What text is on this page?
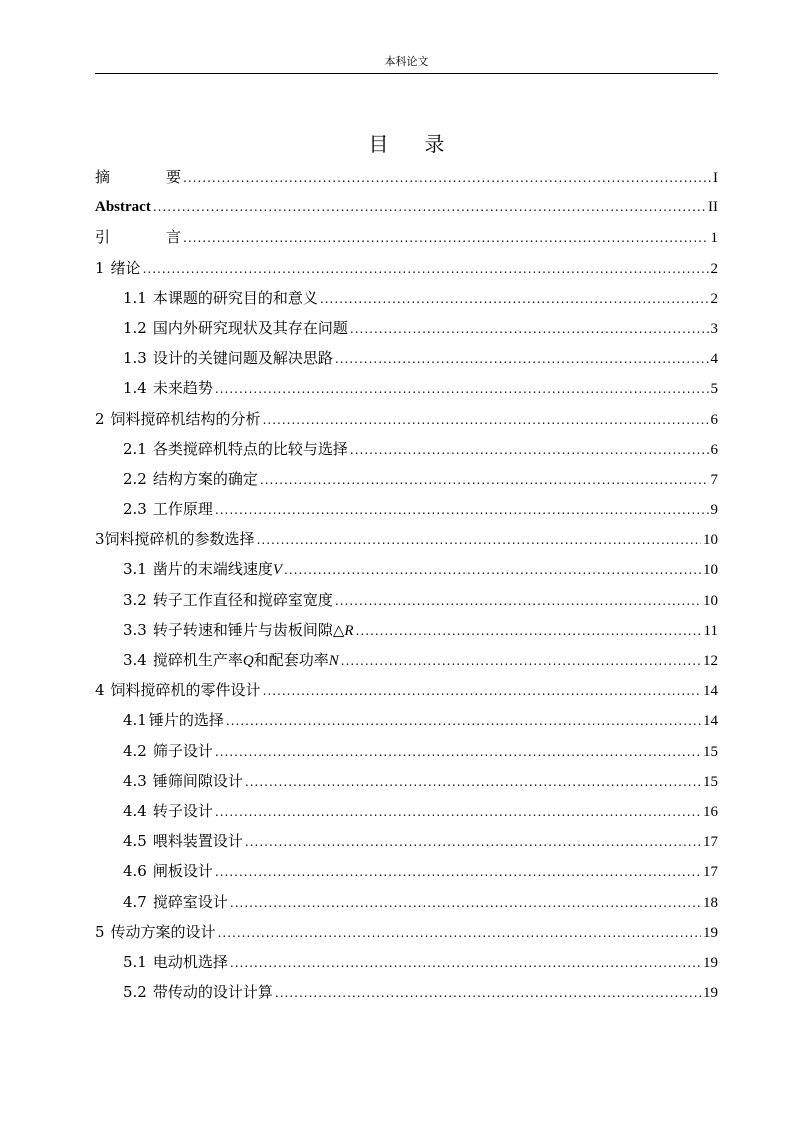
本科论文
目 录
摘	要 .....	I
Abstract .....	II
引	言 .....	1
1 绪论 .....	2
1.1 本课题的研究目的和意义 .....	2
1.2 国内外研究现状及其存在问题 .....	3
1.3 设计的关键问题及解决思路 .....	4
1.4 未来趋势 .....	5
2 饲料搅碎机结构的分析 .....	6
2.1 各类搅碎机特点的比较与选择 .....	6
2.2 结构方案的确定 .....	7
2.3 工作原理 .....	9
3饲料搅碎机的参数选择 .....	10
3.1 凿片的末端线速度V .....	10
3.2 转子工作直径和搅碎室宽度 .....	10
3.3 转子转速和锤片与齿板间隙△R .....	11
3.4 搅碎机生产率Q和配套功率N .....	12
4 饲料搅碎机的零件设计 .....	14
4.1 锤片的选择 .....	14
4.2 筛子设计 .....	15
4.3 锤筛间隙设计 .....	15
4.4 转子设计 .....	16
4.5 喂料装置设计 .....	17
4.6 闸板设计 .....	17
4.7 搅碎室设计 .....	18
5 传动方案的设计 .....	19
5.1 电动机选择 .....	19
5.2 带传动的设计计算 .....	19
